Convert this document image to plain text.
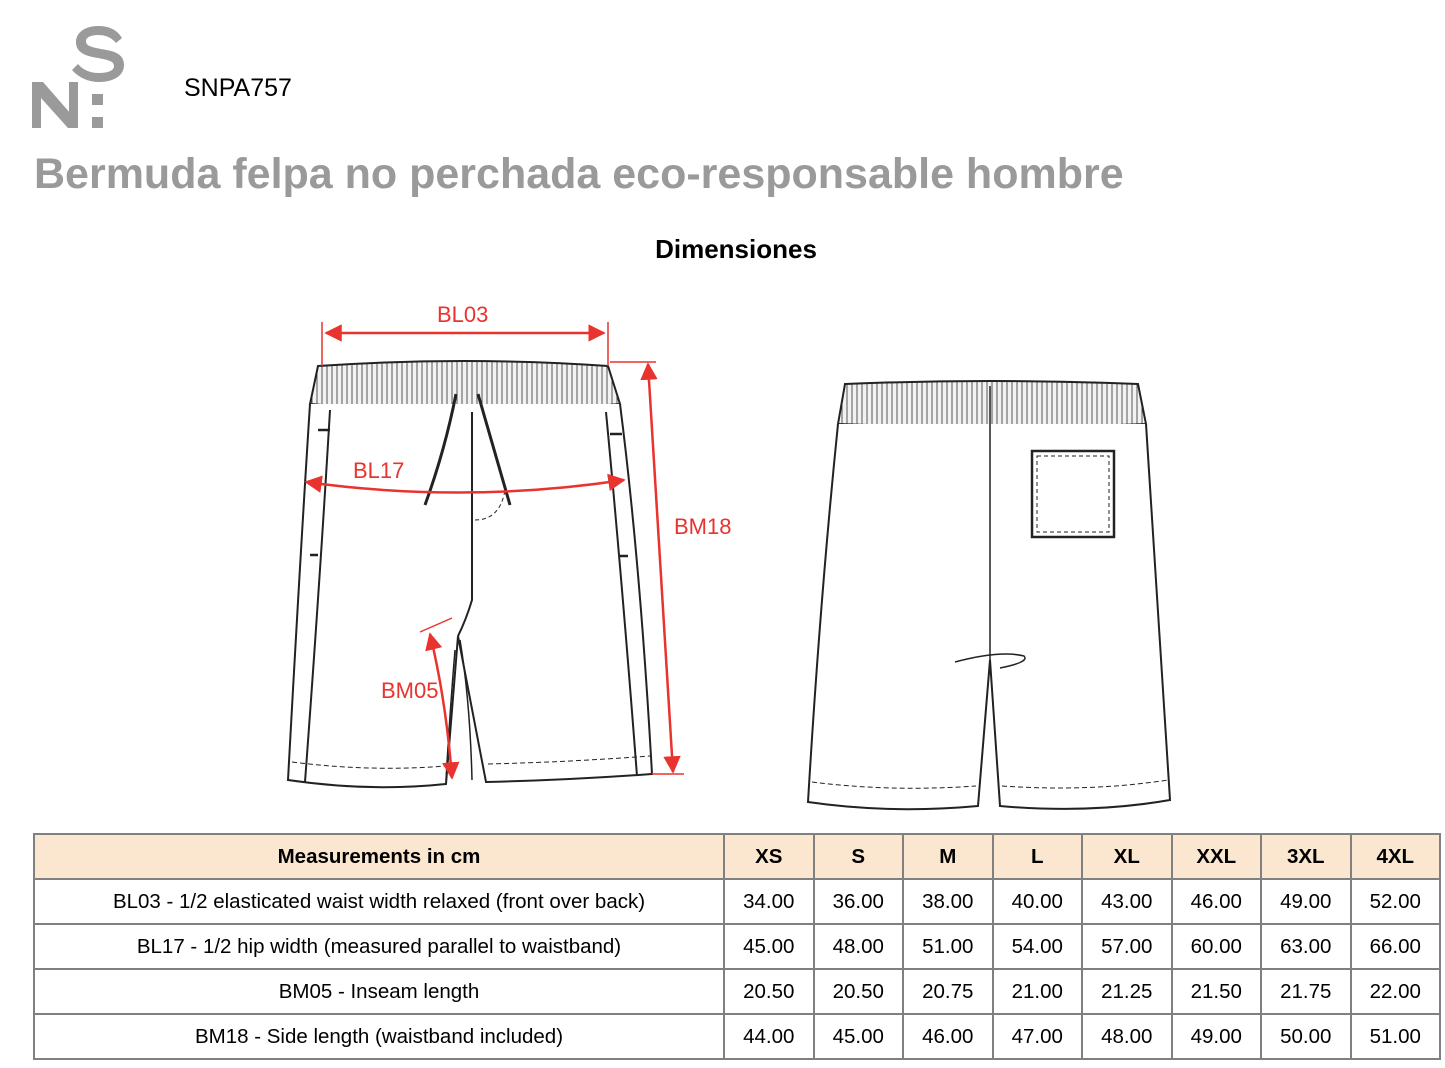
SNPA757
Bermuda felpa no perchada eco-responsable hombre
Dimensiones
BL03
BL17
BM18
BM05
Measurements in cm	XS	S	M	L	XL	XXL	3XL	4XL
BL03 - 1/2 elasticated waist width relaxed (front over back)	34.00	36.00	38.00	40.00	43.00	46.00	49.00	52.00
BL17 - 1/2 hip width (measured parallel to waistband)	45.00	48.00	51.00	54.00	57.00	60.00	63.00	66.00
BM05 - Inseam length	20.50	20.50	20.75	21.00	21.25	21.50	21.75	22.00
BM18 - Side length (waistband included)	44.00	45.00	46.00	47.00	48.00	49.00	50.00	51.00
